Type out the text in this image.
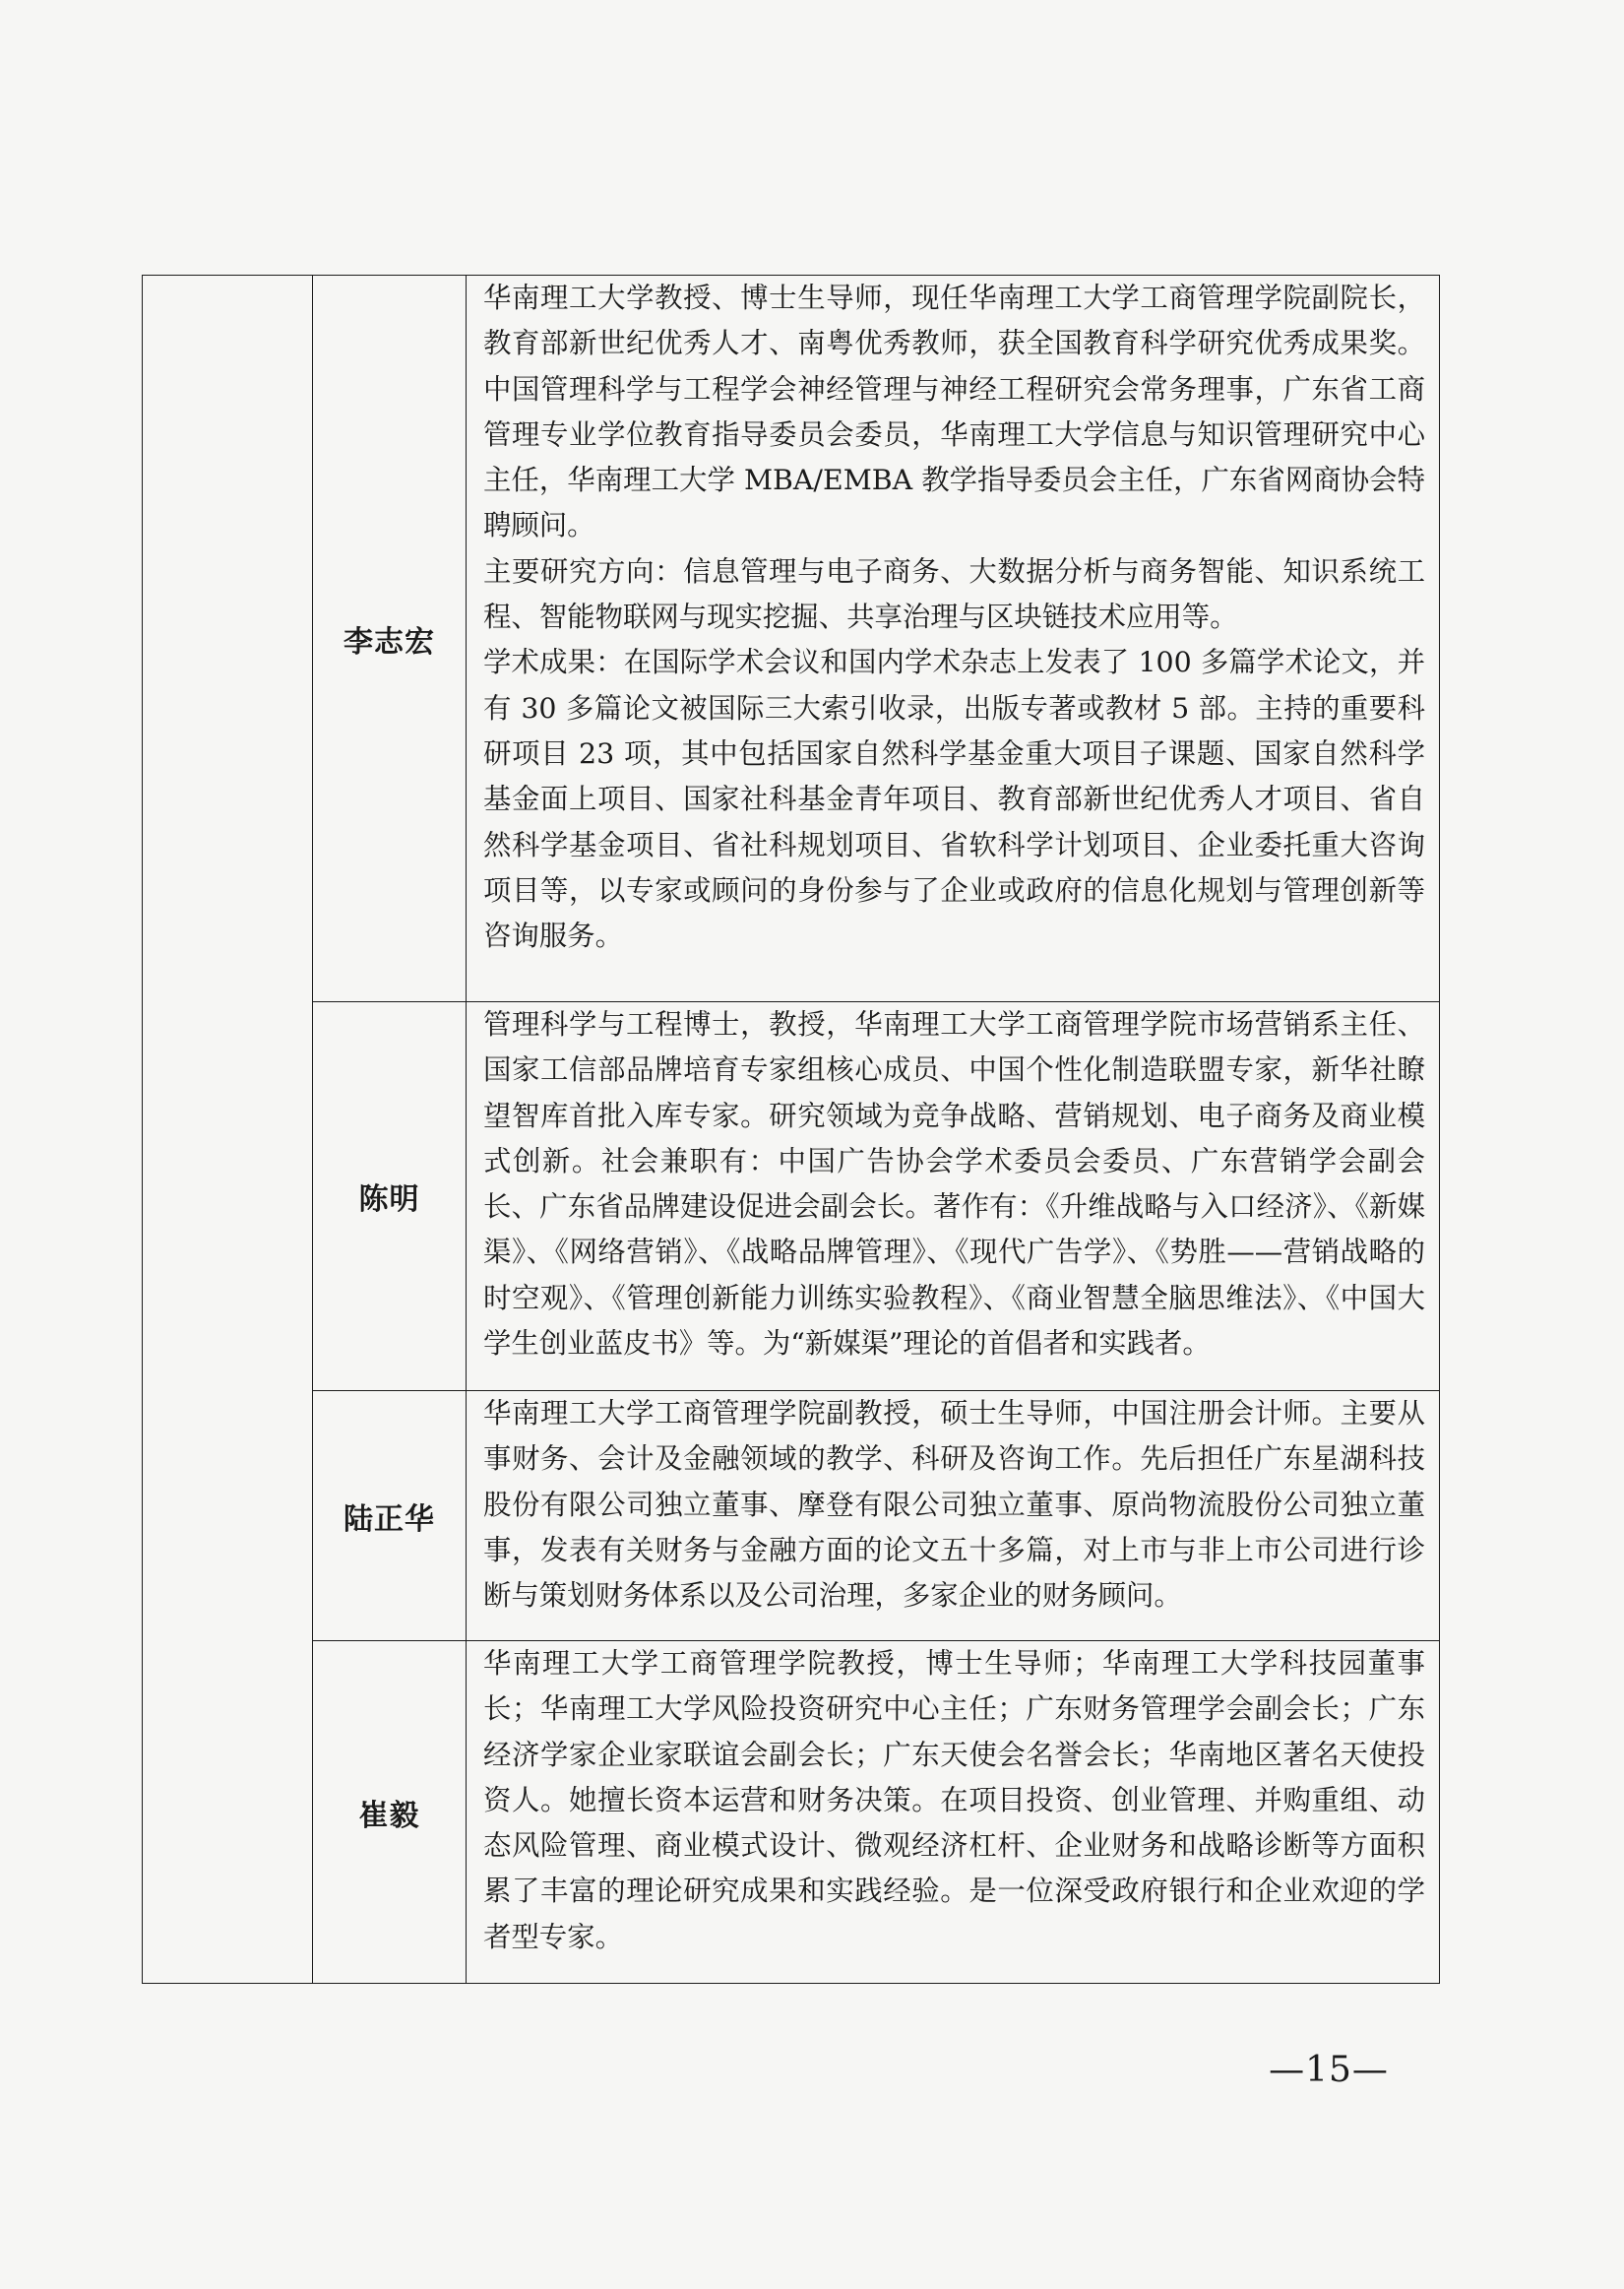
	李志宏	华南理工大学教授、博士生导师，现任华南理工大学工商管理学院副院长，教育部新世纪优秀人才、南粤优秀教师，获全国教育科学研究优秀成果奖。中国管理科学与工程学会神经管理与神经工程研究会常务理事，广东省工商管理专业学位教育指导委员会委员，华南理工大学信息与知识管理研究中心主任，华南理工大学 MBA/EMBA 教学指导委员会主任，广东省网商协会特聘顾问。

主要研究方向：信息管理与电子商务、大数据分析与商务智能、知识系统工程、智能物联网与现实挖掘、共享治理与区块链技术应用等。

学术成果：在国际学术会议和国内学术杂志上发表了 100 多篇学术论文，并有 30 多篇论文被国际三大索引收录，出版专著或教材 5 部。主持的重要科研项目 23 项，其中包括国家自然科学基金重大项目子课题、国家自然科学基金面上项目、国家社科基金青年项目、教育部新世纪优秀人才项目、省自然科学基金项目、省社科规划项目、省软科学计划项目、企业委托重大咨询项目等，以专家或顾问的身份参与了企业或政府的信息化规划与管理创新等咨询服务。

	陈明	管理科学与工程博士，教授，华南理工大学工商管理学院市场营销系主任、国家工信部品牌培育专家组核心成员、中国个性化制造联盟专家，新华社瞭望智库首批入库专家。研究领域为竞争战略、营销规划、电子商务及商业模式创新。社会兼职有：中国广告协会学术委员会委员、广东营销学会副会长、广东省品牌建设促进会副会长。著作有：《升维战略与入口经济》、《新媒渠》、《网络营销》、《战略品牌管理》、《现代广告学》、《势胜——营销战略的时空观》、《管理创新能力训练实验教程》、《商业智慧全脑思维法》、《中国大学生创业蓝皮书》等。为“新媒渠”理论的首倡者和实践者。

	陆正华	华南理工大学工商管理学院副教授，硕士生导师，中国注册会计师。主要从事财务、会计及金融领域的教学、科研及咨询工作。先后担任广东星湖科技股份有限公司独立董事、摩登有限公司独立董事、原尚物流股份公司独立董事，发表有关财务与金融方面的论文五十多篇，对上市与非上市公司进行诊断与策划财务体系以及公司治理，多家企业的财务顾问。

	崔毅	华南理工大学工商管理学院教授，博士生导师；华南理工大学科技园董事长；华南理工大学风险投资研究中心主任；广东财务管理学会副会长；广东经济学家企业家联谊会副会长；广东天使会名誉会长；华南地区著名天使投资人。她擅长资本运营和财务决策。在项目投资、创业管理、并购重组、动态风险管理、商业模式设计、微观经济杠杆、企业财务和战略诊断等方面积累了丰富的理论研究成果和实践经验。是一位深受政府银行和企业欢迎的学者型专家。

—15—
